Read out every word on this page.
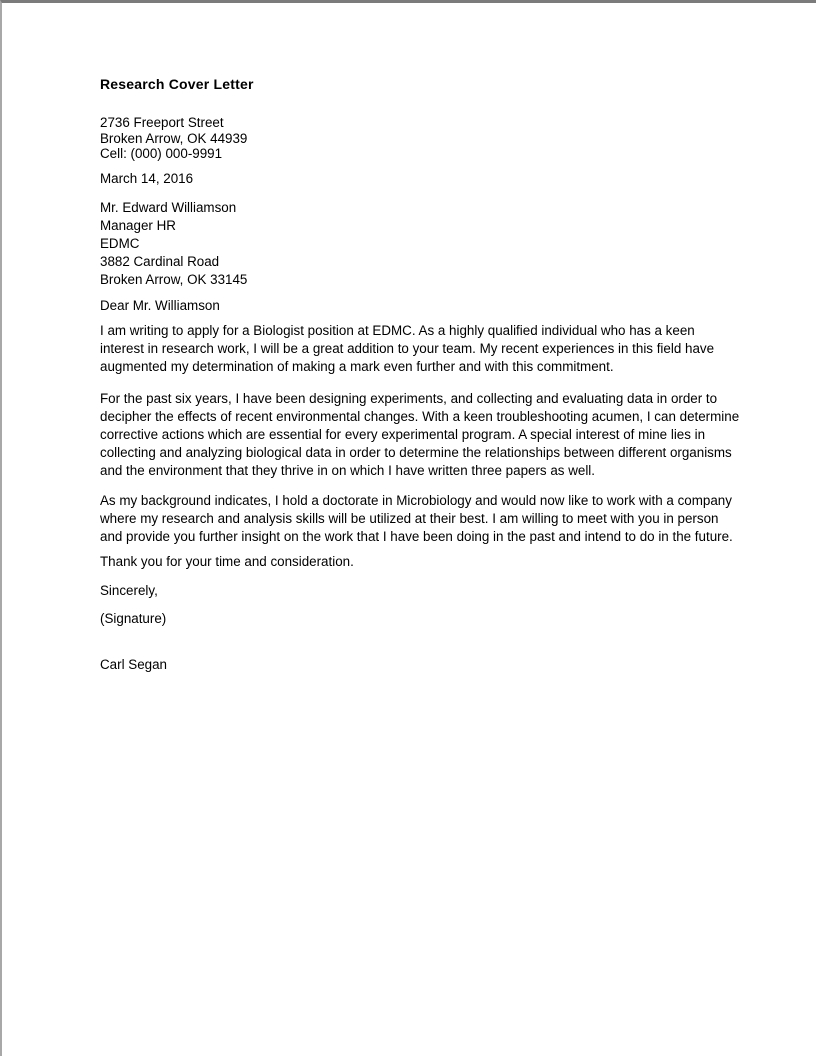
Research Cover Letter
2736 Freeport Street
Broken Arrow, OK 44939
Cell: (000) 000-9991
March 14, 2016
Mr. Edward Williamson
Manager HR
EDMC
3882 Cardinal Road
Broken Arrow, OK 33145
Dear Mr. Williamson
I am writing to apply for a Biologist position at EDMC. As a highly qualified individual who has a keen
interest in research work, I will be a great addition to your team. My recent experiences in this field have
augmented my determination of making a mark even further and with this commitment.
For the past six years, I have been designing experiments, and collecting and evaluating data in order to
decipher the effects of recent environmental changes. With a keen troubleshooting acumen, I can determine
corrective actions which are essential for every experimental program. A special interest of mine lies in
collecting and analyzing biological data in order to determine the relationships between different organisms
and the environment that they thrive in on which I have written three papers as well.
As my background indicates, I hold a doctorate in Microbiology and would now like to work with a company
where my research and analysis skills will be utilized at their best. I am willing to meet with you in person
and provide you further insight on the work that I have been doing in the past and intend to do in the future.
Thank you for your time and consideration.
Sincerely,
(Signature)
Carl Segan
